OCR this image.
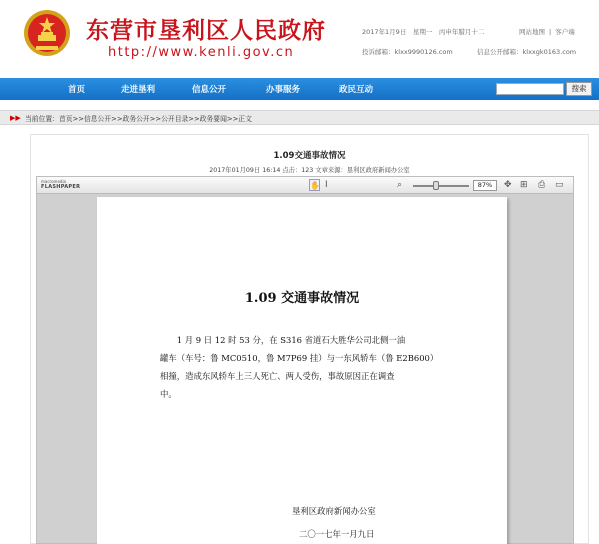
东营市垦利区人民政府
http://www.kenli.gov.cn
2017年1月9日　星期一　丙申年腊月十二	网站地图 | 客户端
投诉邮箱：klxx9990126.com	信息公开邮箱：klxxgk0163.com
首页	走进垦利	信息公开	办事服务	政民互动	搜索
▶▶ 当前位置：首页>>信息公开>>政务公开>>公开目录>>政务要闻>>正文
1.09交通事故情况
2017年01月09日 16:14 点击：123 文章来源：垦利区政府新闻办公室
macromedia
FLASHPAPER	✋ I	⌕	87%	✥ ⊞ ⎙ ▭
1.09 交通事故情况
　　1 月 9 日 12 时 53 分，在 S316 省道石大胜华公司北侧一油
罐车（车号：鲁 MC0510，鲁 M7P69 挂）与一东风轿车（鲁 E2B600）
相撞，造成东风轿车上三人死亡、两人受伤，事故原因正在调查
中。
垦利区政府新闻办公室
二〇一七年一月九日
